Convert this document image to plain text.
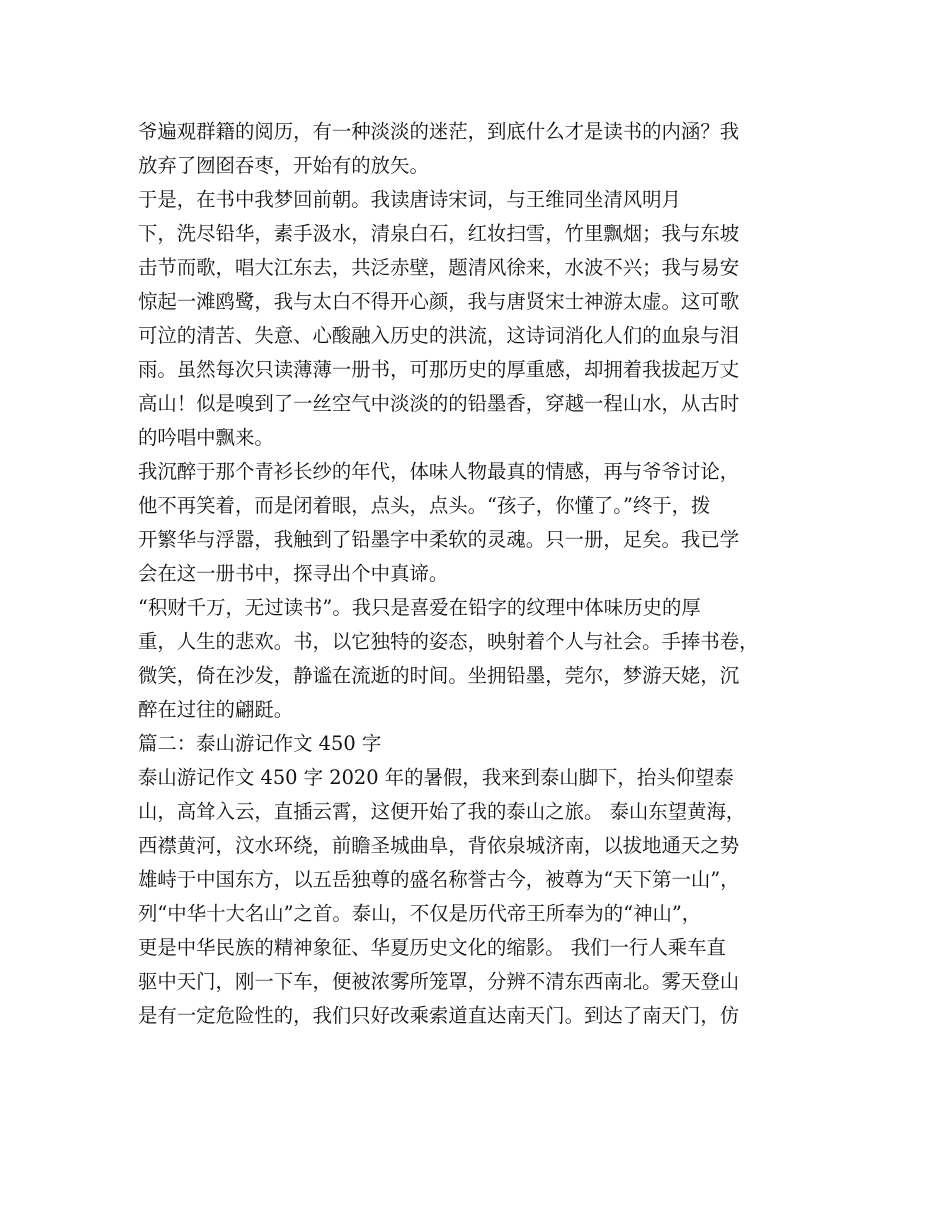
爷遍观群籍的阅历，有一种淡淡的迷茫，到底什么才是读书的内涵？我
放弃了囫囵吞枣，开始有的放矢。
于是，在书中我梦回前朝。我读唐诗宋词，与王维同坐清风明月
下，洗尽铅华，素手汲水，清泉白石，红妆扫雪，竹里飘烟；我与东坡
击节而歌，唱大江东去，共泛赤壁，题清风徐来，水波不兴；我与易安
惊起一滩鸥鹭，我与太白不得开心颜，我与唐贤宋士神游太虚。这可歌
可泣的清苦、失意、心酸融入历史的洪流，这诗词消化人们的血泉与泪
雨。虽然每次只读薄薄一册书，可那历史的厚重感，却拥着我拔起万丈
高山！似是嗅到了一丝空气中淡淡的的铅墨香，穿越一程山水，从古时
的吟唱中飘来。
我沉醉于那个青衫长纱的年代，体味人物最真的情感，再与爷爷讨论，
他不再笑着，而是闭着眼，点头，点头。“孩子，你懂了。”终于，拨
开繁华与浮嚣，我触到了铅墨字中柔软的灵魂。只一册，足矣。我已学
会在这一册书中，探寻出个中真谛。
“积财千万，无过读书”。我只是喜爱在铅字的纹理中体味历史的厚
重，人生的悲欢。书，以它独特的姿态，映射着个人与社会。手捧书卷，
微笑，倚在沙发，静谧在流逝的时间。坐拥铅墨，莞尔，梦游天姥，沉
醉在过往的翩跹。
篇二：泰山游记作文 450 字
泰山游记作文 450 字 2020 年的暑假，我来到泰山脚下，抬头仰望泰
山，高耸入云，直插云霄，这便开始了我的泰山之旅。 泰山东望黄海，
西襟黄河，汶水环绕，前瞻圣城曲阜，背依泉城济南，以拔地通天之势
雄峙于中国东方，以五岳独尊的盛名称誉古今，被尊为“天下第一山”，
列“中华十大名山”之首。泰山，不仅是历代帝王所奉为的“神山”，
更是中华民族的精神象征、华夏历史文化的缩影。 我们一行人乘车直
驱中天门，刚一下车，便被浓雾所笼罩，分辨不清东西南北。雾天登山
是有一定危险性的，我们只好改乘索道直达南天门。到达了南天门，仿
